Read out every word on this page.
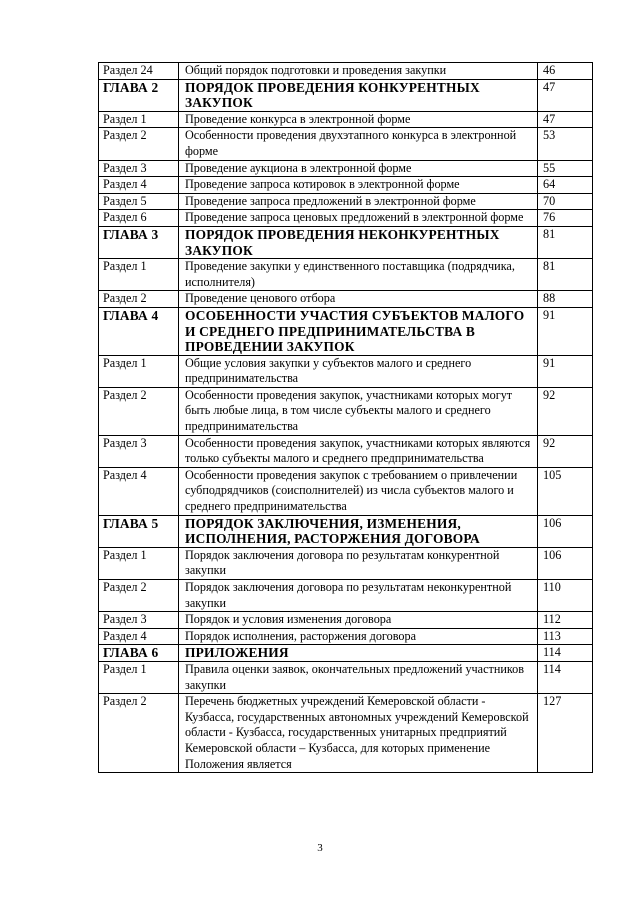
Раздел 24	Общий порядок подготовки и проведения закупки	46
ГЛАВА 2	ПОРЯДОК ПРОВЕДЕНИЯ КОНКУРЕНТНЫХ ЗАКУПОК	47
Раздел 1	Проведение конкурса в электронной форме	47
Раздел 2	Особенности проведения двухэтапного конкурса в электронной форме	53
Раздел 3	Проведение аукциона в электронной форме	55
Раздел 4	Проведение запроса котировок в электронной форме	64
Раздел 5	Проведение запроса предложений в электронной форме	70
Раздел 6	Проведение запроса ценовых предложений в электронной форме	76
ГЛАВА 3	ПОРЯДОК ПРОВЕДЕНИЯ НЕКОНКУРЕНТНЫХ ЗАКУПОК	81
Раздел 1	Проведение закупки у единственного поставщика (подрядчика, исполнителя)	81
Раздел 2	Проведение ценового отбора	88
ГЛАВА 4	ОСОБЕННОСТИ УЧАСТИЯ СУБЪЕКТОВ МАЛОГО И СРЕДНЕГО ПРЕДПРИНИМАТЕЛЬСТВА В ПРОВЕДЕНИИ ЗАКУПОК	91
Раздел 1	Общие условия закупки у субъектов малого и среднего предпринимательства	91
Раздел 2	Особенности проведения закупок, участниками которых могут быть любые лица, в том числе субъекты малого и среднего предпринимательства	92
Раздел 3	Особенности проведения закупок, участниками которых являются только субъекты малого и среднего предпринимательства	92
Раздел 4	Особенности проведения закупок с требованием о привлечении субподрядчиков (соисполнителей) из числа субъектов малого и среднего предпринимательства	105
ГЛАВА 5	ПОРЯДОК ЗАКЛЮЧЕНИЯ, ИЗМЕНЕНИЯ, ИСПОЛНЕНИЯ, РАСТОРЖЕНИЯ ДОГОВОРА	106
Раздел 1	Порядок заключения договора по результатам конкурентной закупки	106
Раздел 2	Порядок заключения договора по результатам неконкурентной закупки	110
Раздел 3	Порядок и условия изменения договора	112
Раздел 4	Порядок исполнения, расторжения договора	113
ГЛАВА 6	ПРИЛОЖЕНИЯ	114
Раздел 1	Правила оценки заявок, окончательных предложений участников закупки	114
Раздел 2	Перечень бюджетных учреждений Кемеровской области - Кузбасса, государственных автономных учреждений Кемеровской области - Кузбасса, государственных унитарных предприятий Кемеровской области – Кузбасса, для которых применение Положения является	127
3
